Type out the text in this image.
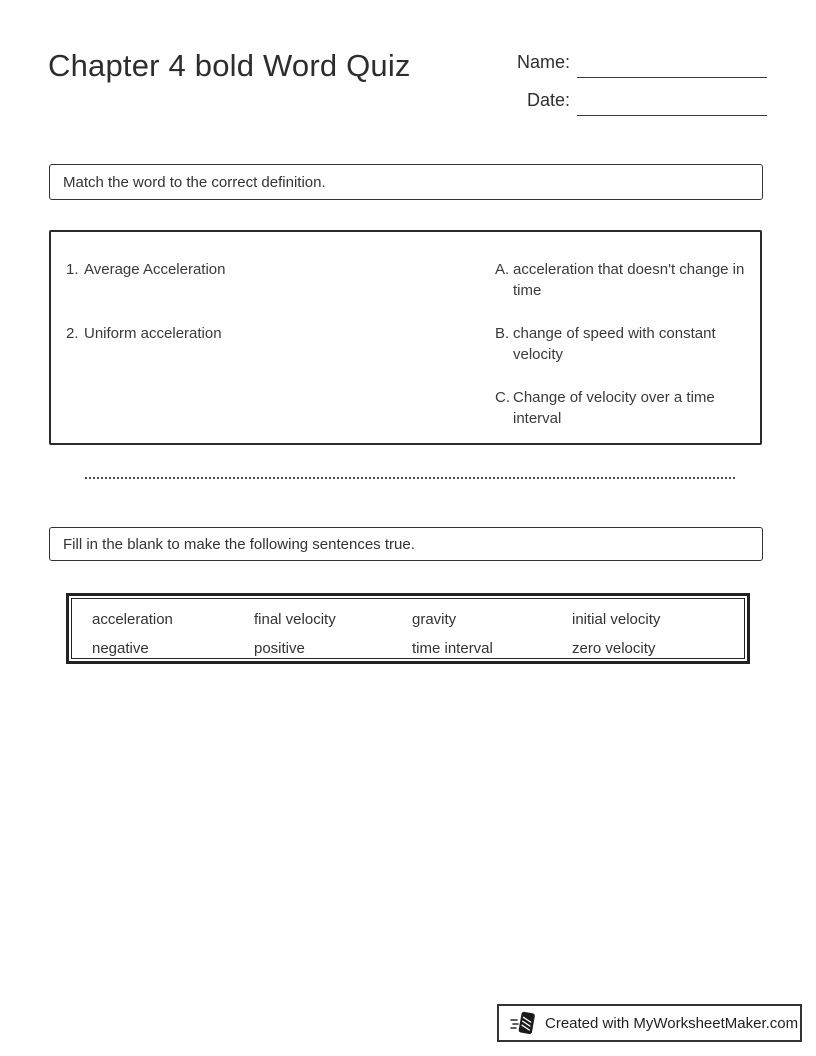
Chapter 4 bold Word Quiz	Name:
Date:
Match the word to the correct definition.
1. Average Acceleration	A. acceleration that doesn't change in time
2. Uniform acceleration	B. change of speed with constant velocity
C. Change of velocity over a time interval
Fill in the blank to make the following sentences true.
acceleration	final velocity	gravity	initial velocity
negative	positive	time interval	zero velocity
Created with MyWorksheetMaker.com
